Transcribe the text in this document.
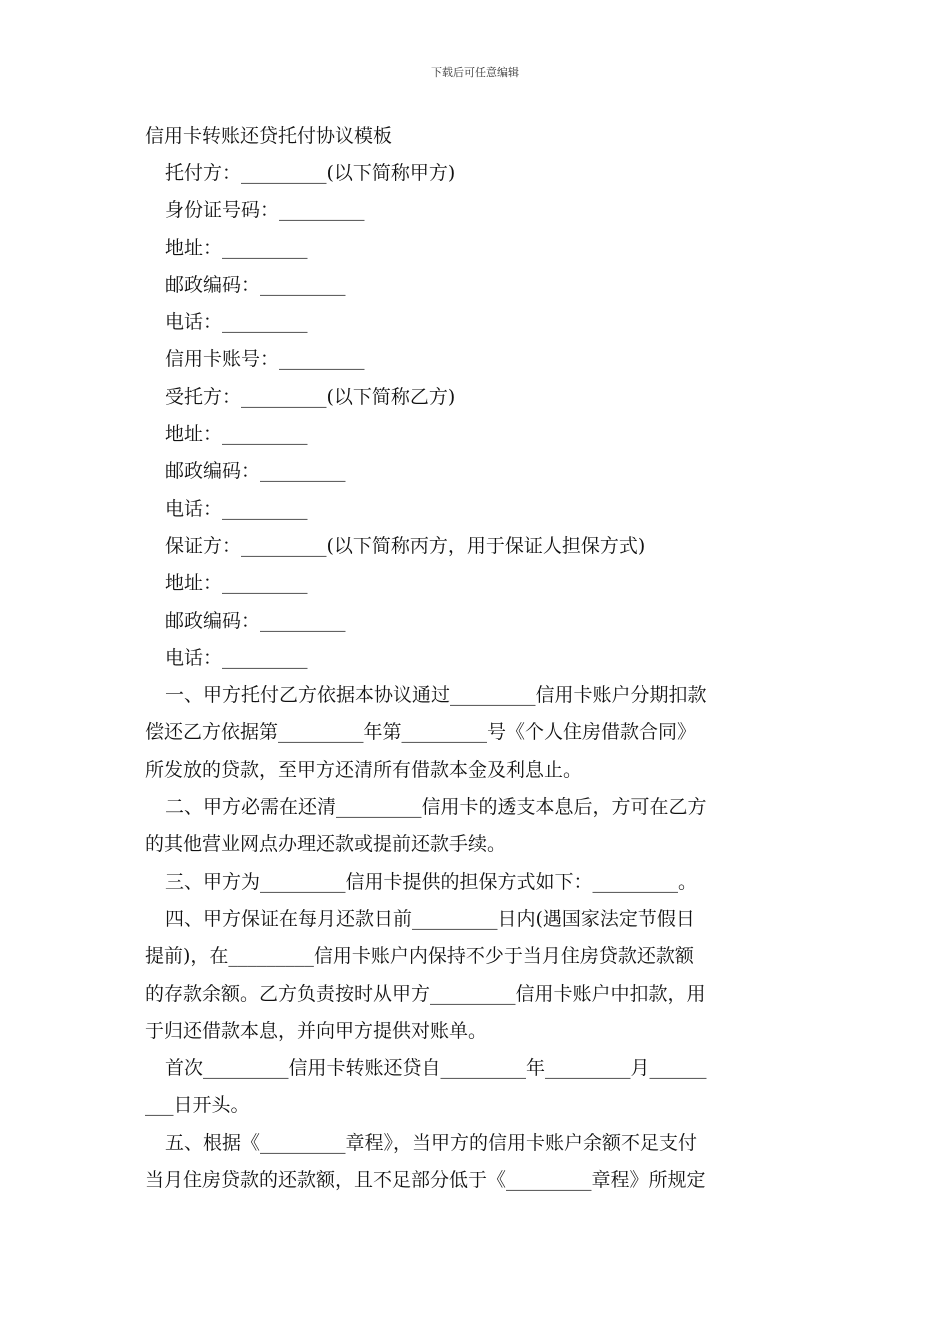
下载后可任意编辑
信用卡转账还贷托付协议模板
托付方：_________(以下简称甲方)
身份证号码：_________
地址：_________
邮政编码：_________
电话：_________
信用卡账号：_________
受托方：_________(以下简称乙方)
地址：_________
邮政编码：_________
电话：_________
保证方：_________(以下简称丙方，用于保证人担保方式)
地址：_________
邮政编码：_________
电话：_________
一、甲方托付乙方依据本协议通过_________信用卡账户分期扣款
偿还乙方依据第_________年第_________号《个人住房借款合同》
所发放的贷款，至甲方还清所有借款本金及利息止。
二、甲方必需在还清_________信用卡的透支本息后，方可在乙方
的其他营业网点办理还款或提前还款手续。
三、甲方为_________信用卡提供的担保方式如下：_________。
四、甲方保证在每月还款日前_________日内(遇国家法定节假日
提前)，在_________信用卡账户内保持不少于当月住房贷款还款额
的存款余额。乙方负责按时从甲方_________信用卡账户中扣款，用
于归还借款本息，并向甲方提供对账单。
首次_________信用卡转账还贷自_________年_________月______
___日开头。
五、根据《_________章程》，当甲方的信用卡账户余额不足支付
当月住房贷款的还款额，且不足部分低于《_________章程》所规定
